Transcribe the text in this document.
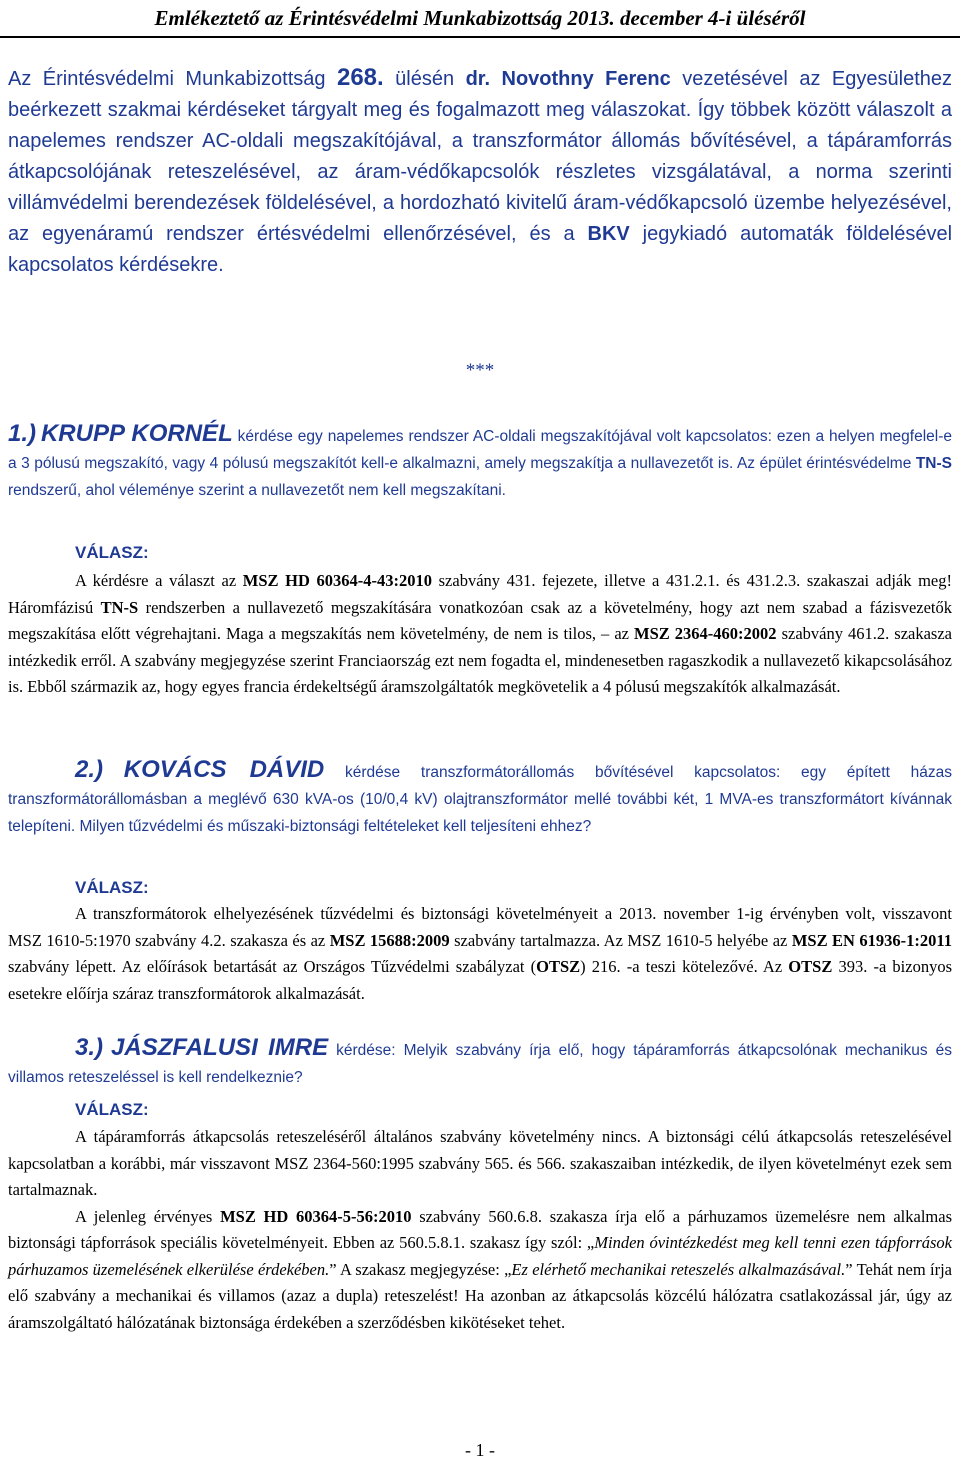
Emlékeztető az Érintésvédelmi Munkabizottság 2013. december 4-i üléséről
Az Érintésvédelmi Munkabizottság 268. ülésén dr. Novothny Ferenc vezetésével az Egyesülethez beérkezett szakmai kérdéseket tárgyalt meg és fogalmazott meg válaszokat. Így többek között válaszolt a napelemes rendszer AC-oldali megszakítójával, a transzformátor állomás bővítésével, a tápáramforrás átkapcsolójának reteszelésével, az áram-védőkapcsolók részletes vizsgálatával, a norma szerinti villámvédelmi berendezések földelésével, a hordozható kivitelű áram-védőkapcsoló üzembe helyezésével, az egyenáramú rendszer értésvédelmi ellenőrzésével, és a BKV jegykiadó automaták földelésével kapcsolatos kérdésekre.
***
1.) KRUPP KORNÉL kérdése egy napelemes rendszer AC-oldali megszakítójával volt kapcsolatos: ezen a helyen megfelel-e a 3 pólusú megszakító, vagy 4 pólusú megszakítót kell-e alkalmazni, amely megszakítja a nullavezetőt is. Az épület érintésvédelme TN-S rendszerű, ahol véleménye szerint a nullavezetőt nem kell megszakítani.
VÁLASZ:
A kérdésre a választ az MSZ HD 60364-4-43:2010 szabvány 431. fejezete, illetve a 431.2.1. és 431.2.3. szakaszai adják meg! Háromfázisú TN-S rendszerben a nullavezető megszakítására vonatkozóan csak az a követelmény, hogy azt nem szabad a fázisvezetők megszakítása előtt végrehajtani. Maga a megszakítás nem követelmény, de nem is tilos, – az MSZ 2364-460:2002 szabvány 461.2. szakasza intézkedik erről. A szabvány megjegyzése szerint Franciaország ezt nem fogadta el, mindenesetben ragaszkodik a nullavezető kikapcsolásához is. Ebből származik az, hogy egyes francia érdekeltségű áramszolgáltatók megkövetelik a 4 pólusú megszakítók alkalmazását.
2.) KOVÁCS DÁVID kérdése transzformátorállomás bővítésével kapcsolatos: egy épített házas transzformátorállomásban a meglévő 630 kVA-os (10/0,4 kV) olajtranszformátor mellé további két, 1 MVA-es transzformátort kívánnak telepíteni. Milyen tűzvédelmi és műszaki-biztonsági feltételeket kell teljesíteni ehhez?
VÁLASZ:
A transzformátorok elhelyezésének tűzvédelmi és biztonsági követelményeit a 2013. november 1-ig érvényben volt, visszavont MSZ 1610-5:1970 szabvány 4.2. szakasza és az MSZ 15688:2009 szabvány tartalmazza. Az MSZ 1610-5 helyébe az MSZ EN 61936-1:2011 szabvány lépett. Az előírások betartását az Országos Tűzvédelmi szabályzat (OTSZ) 216. -a teszi kötelezővé. Az OTSZ 393. -a bizonyos esetekre előírja száraz transzformátorok alkalmazását.
3.) JÁSZFALUSI IMRE kérdése: Melyik szabvány írja elő, hogy tápáramforrás átkapcsolónak mechanikus és villamos reteszeléssel is kell rendelkeznie?
VÁLASZ:
A tápáramforrás átkapcsolás reteszeléséről általános szabvány követelmény nincs. A biztonsági célú átkapcsolás reteszelésével kapcsolatban a korábbi, már visszavont MSZ 2364-560:1995 szabvány 565. és 566. szakaszaiban intézkedik, de ilyen követelményt ezek sem tartalmaznak.
A jelenleg érvényes MSZ HD 60364-5-56:2010 szabvány 560.6.8. szakasza írja elő a párhuzamos üzemelésre nem alkalmas biztonsági tápforrások speciális követelményeit. Ebben az 560.5.8.1. szakasz így szól: „Minden óvintézkedést meg kell tenni ezen tápforrások párhuzamos üzemelésének elkerülése érdekében.” A szakasz megjegyzése: „Ez elérhető mechanikai reteszelés alkalmazásával.” Tehát nem írja elő szabvány a mechanikai és villamos (azaz a dupla) reteszelést! Ha azonban az átkapcsolás közcélú hálózatra csatlakozással jár, úgy az áramszolgáltató hálózatának biztonsága érdekében a szerződésben kikötéseket tehet.
- 1 -
